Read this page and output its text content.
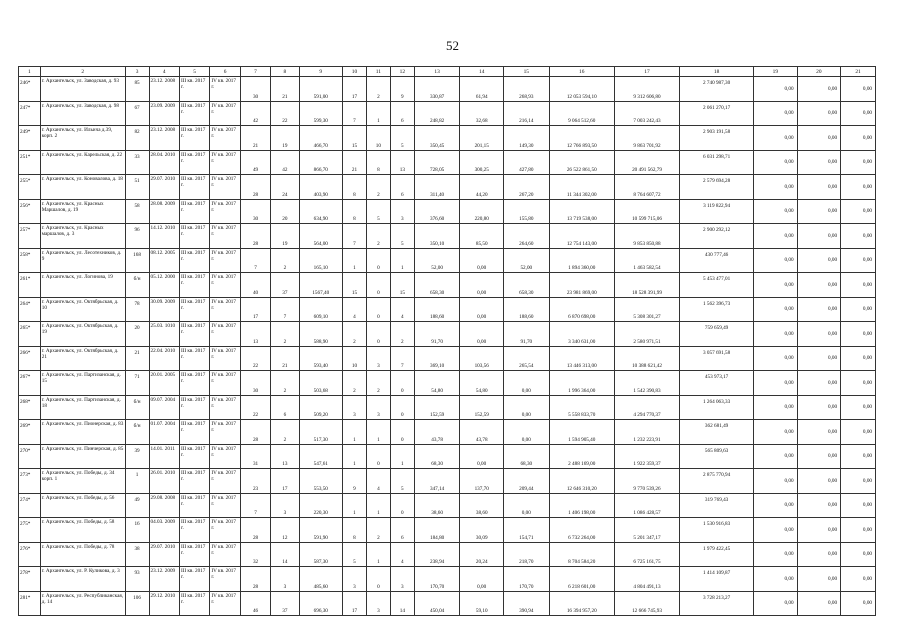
52
1	2	3	4	5	6	7	8	9	10	11	12	13	14	15	16	17	18	19	20	21
246*	г. Архангельск, ул. Заводская, д. 93	85	23.12. 2008	III кв. 2017 г.	IV кв. 2017 г.	30	21	591,00	17	2	9	330,87	61,94	268,93	12 053 594,10	9 312 606,80	2 740 987,30	0,00	0,00	0,00
247*	г. Архангельск, ул. Заводская, д. 98	67	23.09. 2009	III кв. 2017 г.	IV кв. 2017 г.	42	22	599,30	7	1	6	248,82	32,68	216,14	9 064 512,60	7 003 242,43	2 061 270,17	0,00	0,00	0,00
249*	г. Архангельск, ул. Ильича д.39, корп. 2	82	23.12. 2008	III кв. 2017 г.	IV кв. 2017 г.	21	19	466,70	15	10	5	350,45	201,15	149,30	12 766 893,50	9 863 701,92	2 903 191,58	0,00	0,00	0,00
251*	г. Архангельск, ул. Карельская, д. 22	33	28.04. 2010	III кв. 2017 г.	IV кв. 2017 г.	49	42	866,70	21	8	13	728,05	300,25	427,80	26 522 861,50	20 491 562,79	6 031 298,71	0,00	0,00	0,00
255*	г. Архангельск, ул. Коновалова, д. 18	51	29.07. 2010	III кв. 2017 г.	IV кв. 2017 г.	28	24	403,90	8	2	6	311,40	44,20	267,20	11 344 302,00	8 764 607,72	2 579 694,28	0,00	0,00	0,00
256*	г. Архангельск, ул. Красных Маршалов, д. 19	58	28.08. 2009	III кв. 2017 г.	IV кв. 2017 г.	30	20	634,90	8	5	3	376,60	220,80	155,80	13 719 538,00	10 599 715,06	3 119 822,94	0,00	0,00	0,00
257*	г. Архангельск, ул. Красных маршалов, д. 3	96	14.12. 2010	III кв. 2017 г.	IV кв. 2017 г.	28	19	564,00	7	2	5	350,10	85,50	264,60	12 754 143,00	9 853 850,88	2 900 292,12	0,00	0,00	0,00
258*	г. Архангельск, ул. Лесотехников, д. 9	168	08.12. 2005	III кв. 2017 г.	IV кв. 2017 г.	7	2	165,10	1	0	1	52,00	0,00	52,00	1 894 360,00	1 463 582,54	430 777,46	0,00	0,00	0,00
261*	г. Архангельск, ул. Логинова, 19	б/н	05.12. 2000	III кв. 2017 г.	IV кв. 2017 г.	40	37	1567,40	15	0	15	658,30	0,00	658,30	23 981 869,00	18 528 391,99	5 453 477,01	0,00	0,00	0,00
264*	г. Архангельск, ул. Октябрьская, д. 10	78	30.09. 2009	III кв. 2017 г.	IV кв. 2017 г.	17	7	609,10	4	0	4	188,60	0,00	188,60	6 870 698,00	5 308 301,27	1 562 396,73	0,00	0,00	0,00
265*	г. Архангельск, ул. Октябрьская, д. 19	20	25.03. 1010	III кв. 2017 г.	IV кв. 2017 г.	13	2	588,90	2	0	2	91,70	0,00	91,70	3 340 631,00	2 580 971,51	759 659,49	0,00	0,00	0,00
266*	г. Архангельск, ул. Октябрьская, д. 21	21	22.04. 2010	III кв. 2017 г.	IV кв. 2017 г.	22	21	593,40	10	3	7	369,10	103,56	265,54	13 446 313,00	10 388 621,42	3 057 691,58	0,00	0,00	0,00
267*	г. Архангельск, ул. Партизанская, д. 15	71	20.01. 2005	III кв. 2017 г.	IV кв. 2017 г.	30	2	503,68	2	2	0	54,80	54,80	0,00	1 996 364,00	1 542 390,83	453 973,17	0,00	0,00	0,00
268*	г. Архангельск, ул. Партизанская, д. 18	б/н	09.07. 2004	III кв. 2017 г.	IV кв. 2017 г.	22	6	509,20	3	3	0	152,59	152,59	0,00	5 558 833,70	4 294 770,37	1 264 063,33	0,00	0,00	0,00
269*	г. Архангельск, ул. Пионерская, д. 83	б/н	01.07. 2004	III кв. 2017 г.	IV кв. 2017 г.	28	2	517,30	1	1	0	43,78	43,78	0,00	1 594 905,40	1 232 223,91	362 681,49	0,00	0,00	0,00
270*	г. Архангельск, ул. Пинчерская, д. 85	39	14.01. 2011	III кв. 2017 г.	IV кв. 2017 г.	31	13	547,61	1	0	1	68,30	0,00	68,30	2 488 169,00	1 922 359,37	565 809,63	0,00	0,00	0,00
273*	г. Архангельск, ул. Победы, д. 34 корп. 1	1	26.01. 2010	III кв. 2017 г.	IV кв. 2017 г.	23	17	553,50	9	4	5	347,14	137,70	209,44	12 646 310,20	9 770 539,26	2 875 770,94	0,00	0,00	0,00
274*	г. Архангельск, ул. Победы, д. 56	49	29.08. 2008	III кв. 2017 г.	IV кв. 2017 г.	7	3	220,30	1	1	0	38,60	38,60	0,00	1 406 198,00	1 086 428,57	319 769,43	0,00	0,00	0,00
275*	г. Архангельск, ул. Победы, д. 58	16	04.03. 2009	III кв. 2017 г.	IV кв. 2017 г.	28	12	591,90	8	2	6	184,80	30,09	154,71	6 732 264,00	5 201 347,17	1 530 916,83	0,00	0,00	0,00
276*	г. Архангельск, ул. Победы, д. 78	38	29.07. 2010	III кв. 2017 г.	IV кв. 2017 г.	32	14	587,30	5	1	4	238,94	20,24	218,70	8 704 584,20	6 725 161,75	1 979 422,45	0,00	0,00	0,00
278*	г. Архангельск, ул. Р. Куликова, д. 3	93	23.12. 2009	III кв. 2017 г.	IV кв. 2017 г.	28	3	485,60	3	0	3	170,70	0,00	170,70	6 218 601,00	4 804 491,13	1 414 109,87	0,00	0,00	0,00
281*	г. Архангельск, ул. Республиканская, д. 14	106	29.12. 2010	III кв. 2017 г.	IV кв. 2017 г.	46	37	696,30	17	3	14	450,04	59,10	390,94	16 394 957,20	12 666 745,93	3 728 213,27	0,00	0,00	0,00
